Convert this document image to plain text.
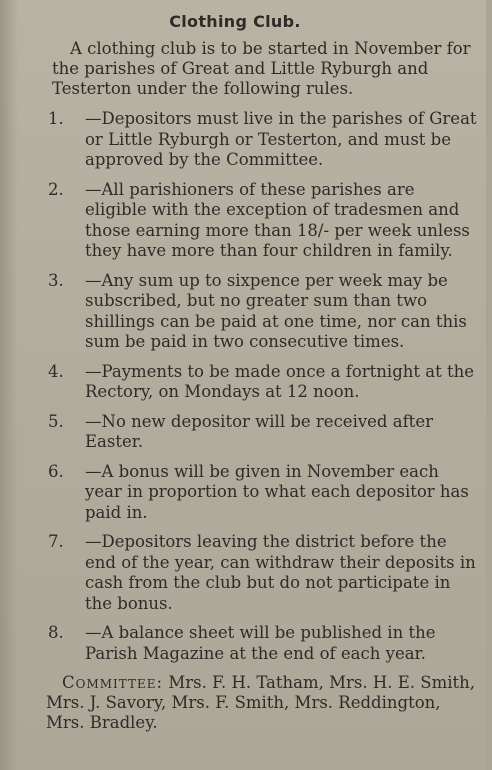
Clothing Club.

A clothing club is to be started in November for the parishes of Great and Little Ryburgh and Testerton under the following rules.

1. —Depositors must live in the parishes of Great or Little Ryburgh or Testerton, and must be approved by the Committee.
2. —All parishioners of these parishes are eligible with the exception of tradesmen and those earning more than 18/- per week unless they have more than four children in family.
3. —Any sum up to sixpence per week may be subscribed, but no greater sum than two shillings can be paid at one time, nor can this sum be paid in two consecutive times.
4. —Payments to be made once a fortnight at the Rectory, on Mondays at 12 noon.
5. —No new depositor will be received after Easter.
6. —A bonus will be given in November each year in proportion to what each depositor has paid in.
7. —Depositors leaving the district before the end of the year, can withdraw their deposits in cash from the club but do not participate in the bonus.
8. —A balance sheet will be published in the Parish Magazine at the end of each year.

Committee: Mrs. F. H. Tatham, Mrs. H. E. Smith, Mrs. J. Savory, Mrs. F. Smith, Mrs. Reddington, Mrs. Bradley.
